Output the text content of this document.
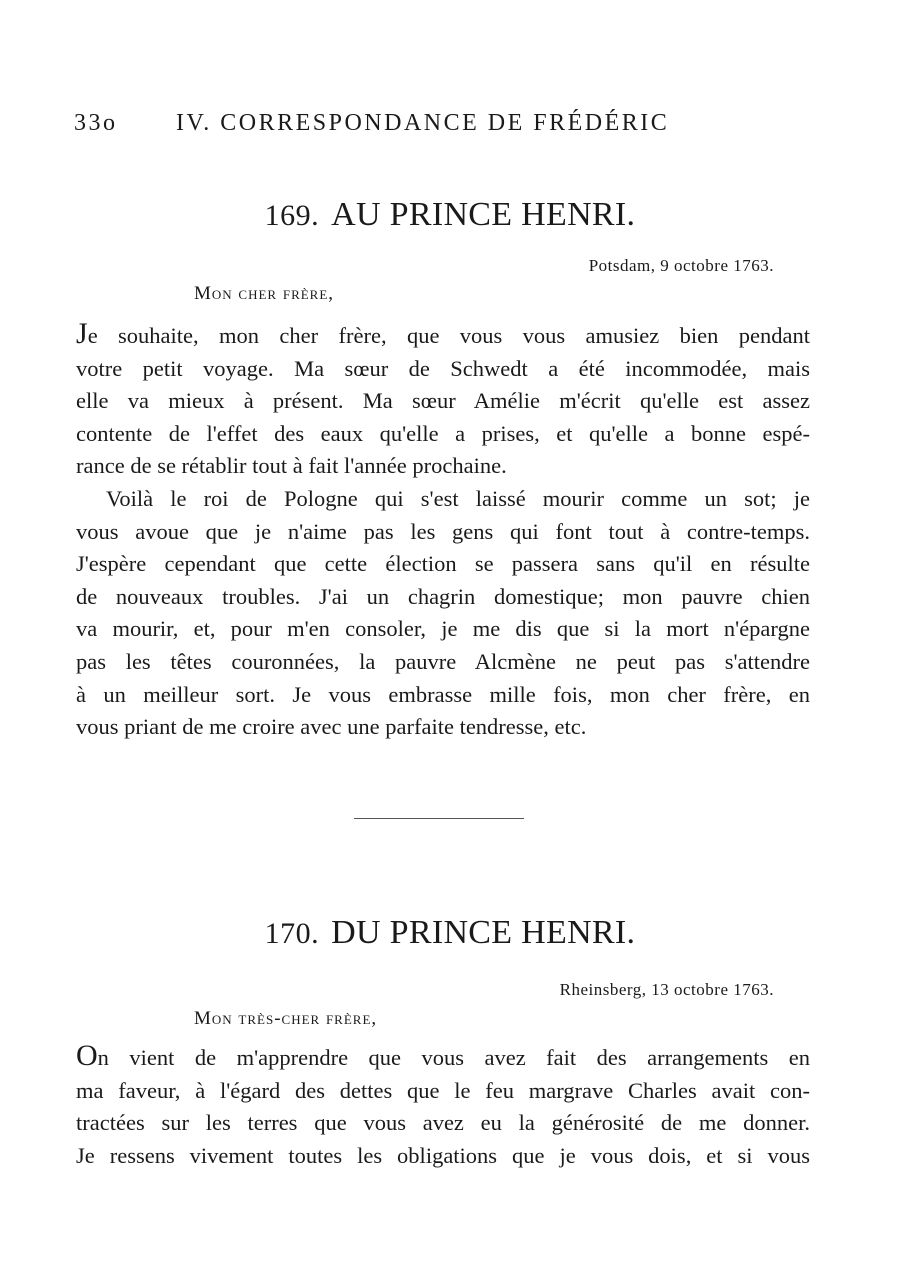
33o IV. CORRESPONDANCE DE FRÉDÉRIC
169. AU PRINCE HENRI.
Potsdam, 9 octobre 1763.
Mon cher frère,
Je souhaite, mon cher frère, que vous vous amusiez bien pendant
votre petit voyage. Ma sœur de Schwedt a été incommodée, mais
elle va mieux à présent. Ma sœur Amélie m'écrit qu'elle est assez
contente de l'effet des eaux qu'elle a prises, et qu'elle a bonne espé-
rance de se rétablir tout à fait l'année prochaine.
Voilà le roi de Pologne qui s'est laissé mourir comme un sot; je
vous avoue que je n'aime pas les gens qui font tout à contre-temps.
J'espère cependant que cette élection se passera sans qu'il en résulte
de nouveaux troubles. J'ai un chagrin domestique; mon pauvre chien
va mourir, et, pour m'en consoler, je me dis que si la mort n'épargne
pas les têtes couronnées, la pauvre Alcmène ne peut pas s'attendre
à un meilleur sort. Je vous embrasse mille fois, mon cher frère, en
vous priant de me croire avec une parfaite tendresse, etc.
170. DU PRINCE HENRI.
Rheinsberg, 13 octobre 1763.
Mon très-cher frère,
On vient de m'apprendre que vous avez fait des arrangements en
ma faveur, à l'égard des dettes que le feu margrave Charles avait con-
tractées sur les terres que vous avez eu la générosité de me donner.
Je ressens vivement toutes les obligations que je vous dois, et si vous
